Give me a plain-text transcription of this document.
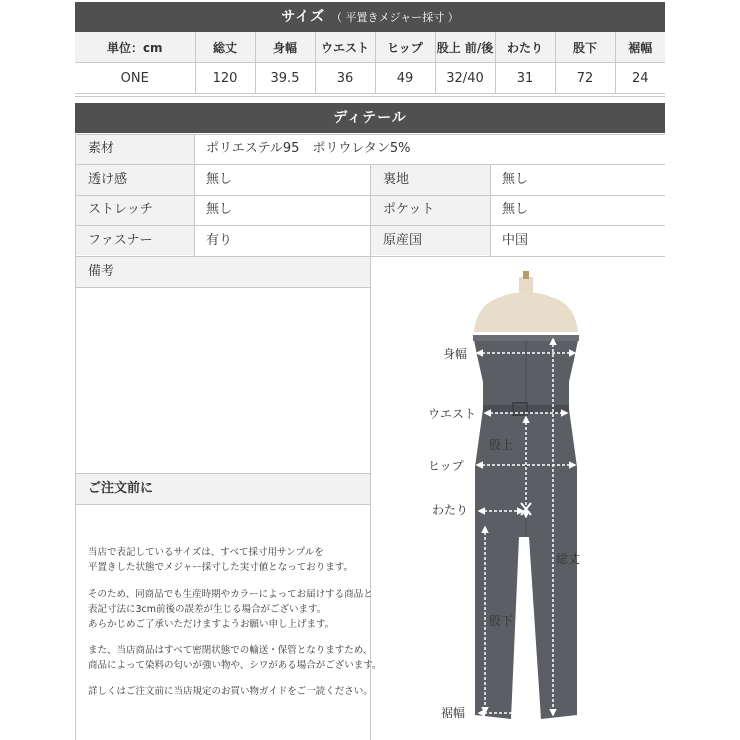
サイズ （ 平置きメジャー採寸 ）
単位：cm	総丈	身幅	ウエスト	ヒップ	股上 前/後	わたり	股下	裾幅
ONE	120	39.5	36	49	32/40	31	72	24
ディテール
素材	ポリエステル95　ポリウレタン5%
透け感	無し	裏地	無し
ストレッチ	無し	ポケット	無し
ファスナー	有り	原産国	中国
備考
ご注文前に
当店で表記しているサイズは、すべて採寸用サンプルを
平置きした状態でメジャー採寸した実寸値となっております。
そのため、同商品でも生産時期やカラーによってお届けする商品と
表記寸法に3cm前後の誤差が生じる場合がございます。
あらかじめご了承いただけますようお願い申し上げます。
また、当店商品はすべて密閉状態での輸送・保管となりますため、
商品によって染料の匂いが強い物や、シワがある場合がございます。
詳しくはご注文前に当店規定のお買い物ガイドをご一読ください。
身幅
ウエスト
股上
ヒップ
わたり
総丈
股下
裾幅
